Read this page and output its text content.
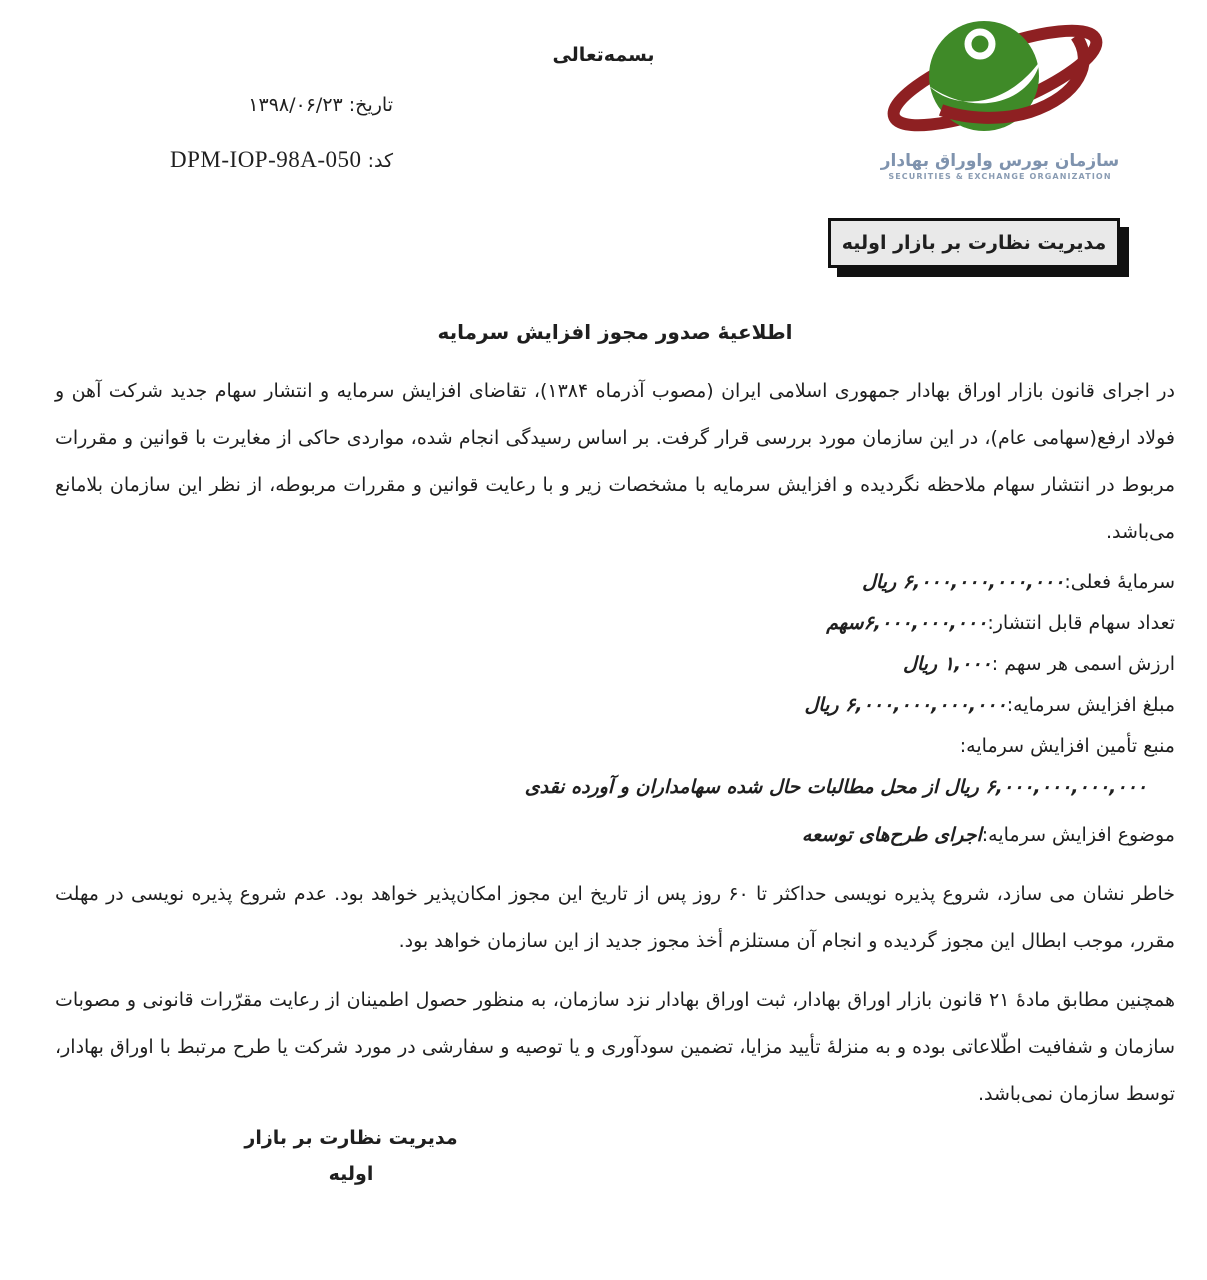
بسمه‌تعالی
تاریخ: ۱۳۹۸/۰۶/۲۳
کد: DPM-IOP-98A-050	سازمان بورس واوراق بهادار
SECURITIES & EXCHANGE ORGANIZATION
مدیریت نظارت بر بازار اولیه
اطلاعیهٔ صدور مجوز افزایش سرمایه

در اجرای قانون بازار اوراق بهادار جمهوری اسلامی ایران (مصوب آذرماه ۱۳۸۴)، تقاضای افزایش سرمایه و انتشار سهام جدید شرکت آهن و فولاد ارفع(سهامی عام)، در این سازمان مورد بررسی قرار گرفت. بر اساس رسیدگی انجام شده، مواردی حاکی از مغایرت با قوانین و مقررات مربوط در انتشار سهام ملاحظه نگردیده و افزایش سرمایه با مشخصات زیر و با رعایت قوانین و مقررات مربوطه، از نظر این سازمان بلامانع می‌باشد.

سرمایهٔ فعلی:۶,۰۰۰,۰۰۰,۰۰۰,۰۰۰ ریال
تعداد سهام قابل انتشار:۶,۰۰۰,۰۰۰,۰۰۰سهم
ارزش اسمی هر سهم :۱,۰۰۰ ریال
مبلغ افزایش سرمایه:۶,۰۰۰,۰۰۰,۰۰۰,۰۰۰ ریال
منبع تأمین افزایش سرمایه:
۶,۰۰۰,۰۰۰,۰۰۰,۰۰۰ ریال از محل مطالبات حال شده سهامداران و آورده نقدی
موضوع افزایش سرمایه:اجرای طرح‌های توسعه

خاطر نشان می سازد، شروع پذیره نویسی حداکثر تا ۶۰ روز پس از تاریخ این مجوز امکان‌پذیر خواهد بود. عدم شروع پذیره نویسی در مهلت مقرر، موجب ابطال این مجوز گردیده و انجام آن مستلزم أخذ مجوز جدید از این سازمان خواهد بود.

همچنین مطابق مادهٔ ۲۱ قانون بازار اوراق بهادار، ثبت اوراق بهادار نزد سازمان، به منظور حصول اطمینان از رعایت مقرّرات قانونی و مصوبات سازمان و شفافیت اطّلاعاتی بوده و به منزلهٔ تأیید مزایا، تضمین سودآوری و یا توصیه و سفارشی در مورد شرکت یا طرح مرتبط با اوراق بهادار، توسط سازمان نمی‌باشد.

مدیریت نظارت بر بازار اولیه
